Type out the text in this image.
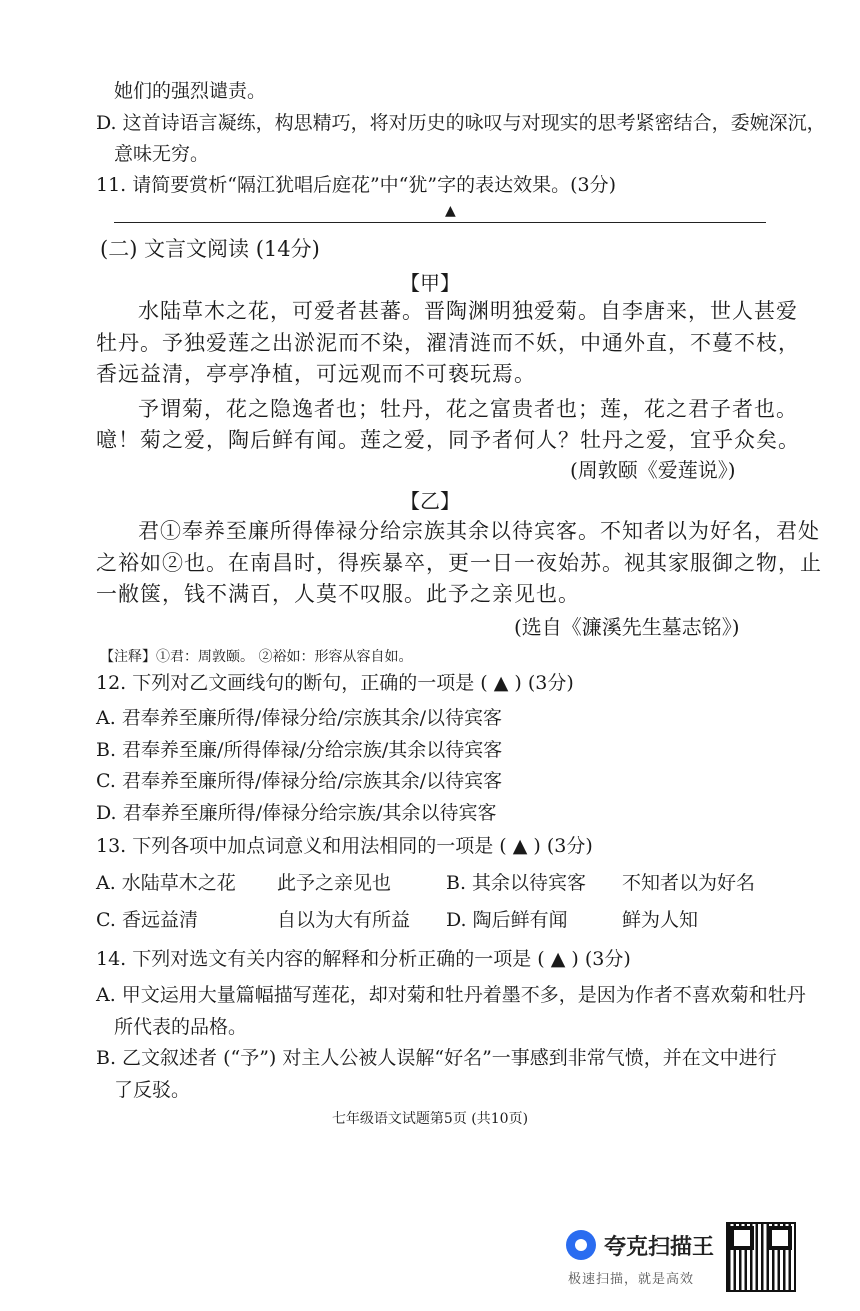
她们的强烈谴责。
D. 这首诗语言凝练，构思精巧，将对历史的咏叹与对现实的思考紧密结合，委婉深沉，
意味无穷。
11. 请简要赏析“隔江犹唱后庭花”中“犹”字的表达效果。(3分)
▲
(二) 文言文阅读 (14分)
【甲】
水陆草木之花，可爱者甚蕃。晋陶渊明独爱菊。自李唐来，世人甚爱
牡丹。予独爱莲之出淤泥而不染，濯清涟而不妖，中通外直，不蔓不枝，
香远益清，亭亭净植，可远观而不可亵玩焉。
予谓菊，花之隐逸者也；牡丹，花之富贵者也；莲，花之君子者也。
噫！菊之爱，陶后鲜有闻。莲之爱，同予者何人？牡丹之爱，宜乎众矣。
(周敦颐《爱莲说》)
【乙】
君①奉养至廉所得俸禄分给宗族其余以待宾客。不知者以为好名，君处
之裕如②也。在南昌时，得疾暴卒，更一日一夜始苏。视其家服御之物，止
一敝箧，钱不满百，人莫不叹服。此予之亲见也。
(选自《濂溪先生墓志铭》)
【注释】①君：周敦颐。 ②裕如：形容从容自如。
12. 下列对乙文画线句的断句，正确的一项是 ( ▲ ) (3分)
A. 君奉养至廉所得/俸禄分给/宗族其余/以待宾客
B. 君奉养至廉/所得俸禄/分给宗族/其余以待宾客
C. 君奉养至廉所得/俸禄分给/宗族其余/以待宾客
D. 君奉养至廉所得/俸禄分给宗族/其余以待宾客
13. 下列各项中加点词意义和用法相同的一项是 ( ▲ ) (3分)
A. 水陆草木之花 此予之亲见也	B. 其余以待宾客 不知者以为好名
C. 香远益清	自以为大有所益 D. 陶后鲜有闻	鲜为人知
14. 下列对选文有关内容的解释和分析正确的一项是 ( ▲ ) (3分)
A. 甲文运用大量篇幅描写莲花，却对菊和牡丹着墨不多，是因为作者不喜欢菊和牡丹
所代表的品格。
B. 乙文叙述者 (“予”) 对主人公被人误解“好名”一事感到非常气愤，并在文中进行
了反驳。
七年级语文试题第5页 (共10页)
夸克扫描王
极速扫描，就是高效
